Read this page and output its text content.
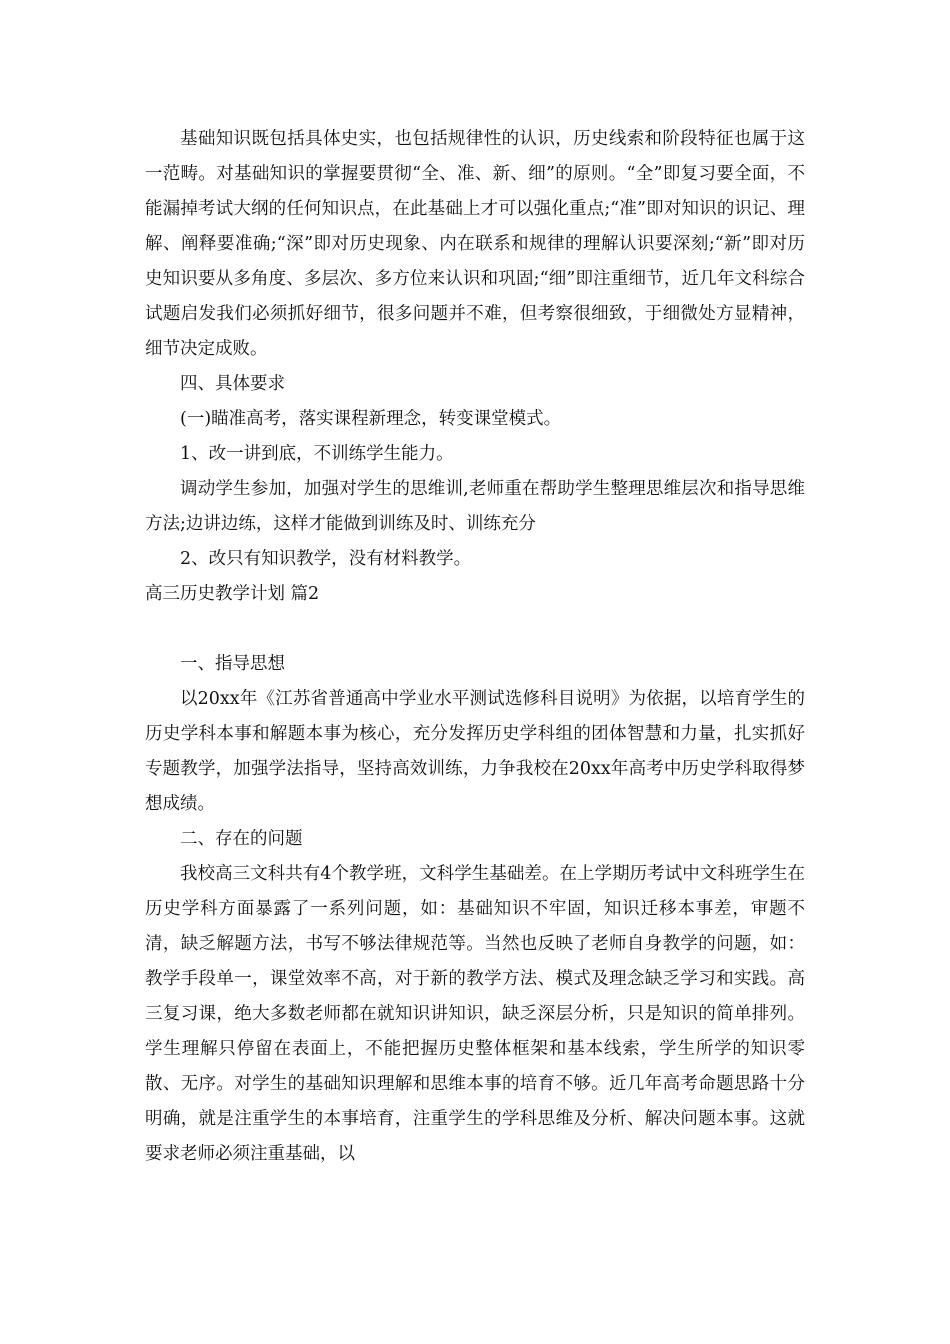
基础知识既包括具体史实，也包括规律性的认识，历史线索和阶段特征也属于这一范畴。对基础知识的掌握要贯彻“全、准、新、细”的原则。“全”即复习要全面，不能漏掉考试大纲的任何知识点，在此基础上才可以强化重点;“准”即对知识的识记、理解、阐释要准确;“深”即对历史现象、内在联系和规律的理解认识要深刻;“新”即对历史知识要从多角度、多层次、多方位来认识和巩固;“细”即注重细节，近几年文科综合试题启发我们必须抓好细节，很多问题并不难，但考察很细致，于细微处方显精神，细节决定成败。

四、具体要求

(一)瞄准高考，落实课程新理念，转变课堂模式。

1、改一讲到底，不训练学生能力。

调动学生参加，加强对学生的思维训,老师重在帮助学生整理思维层次和指导思维方法;边讲边练，这样才能做到训练及时、训练充分

2、改只有知识教学，没有材料教学。

高三历史教学计划 篇2

一、指导思想

以20xx年《江苏省普通高中学业水平测试选修科目说明》为依据，以培育学生的历史学科本事和解题本事为核心，充分发挥历史学科组的团体智慧和力量，扎实抓好专题教学，加强学法指导，坚持高效训练，力争我校在20xx年高考中历史学科取得梦想成绩。

二、存在的问题

我校高三文科共有4个教学班，文科学生基础差。在上学期历考试中文科班学生在历史学科方面暴露了一系列问题，如：基础知识不牢固，知识迁移本事差，审题不清，缺乏解题方法，书写不够法律规范等。当然也反映了老师自身教学的问题，如：教学手段单一，课堂效率不高，对于新的教学方法、模式及理念缺乏学习和实践。高三复习课，绝大多数老师都在就知识讲知识，缺乏深层分析，只是知识的简单排列。学生理解只停留在表面上，不能把握历史整体框架和基本线索，学生所学的知识零散、无序。对学生的基础知识理解和思维本事的培育不够。近几年高考命题思路十分明确，就是注重学生的本事培育，注重学生的学科思维及分析、解决问题本事。这就要求老师必须注重基础，以
